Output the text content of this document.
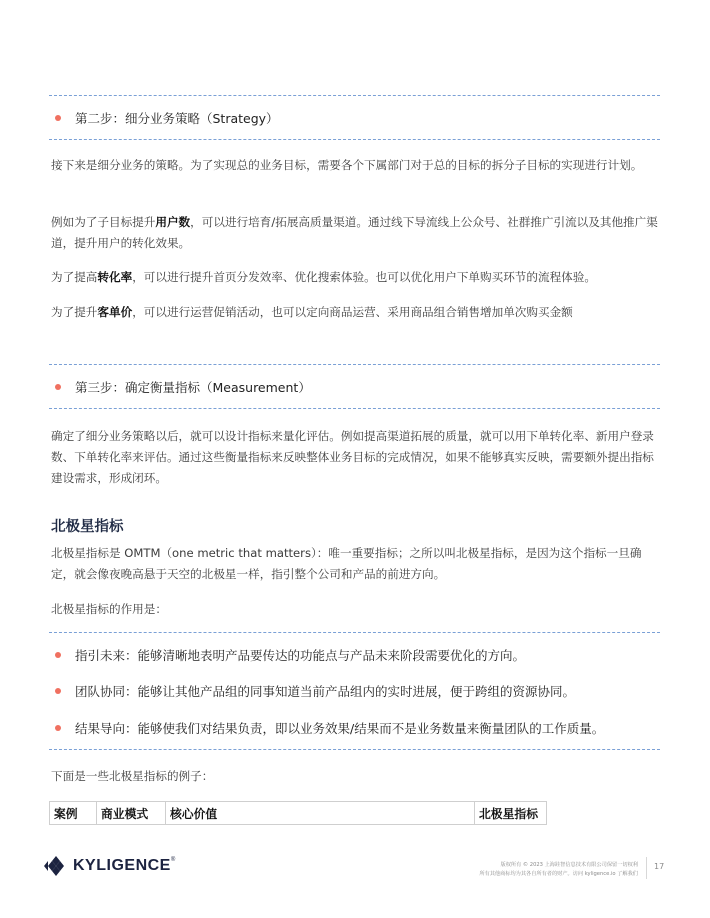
第二步：细分业务策略（Strategy）
接下来是细分业务的策略。为了实现总的业务目标，需要各个下属部门对于总的目标的拆分子目标的实现进行计划。
例如为了子目标提升用户数，可以进行培育/拓展高质量渠道。通过线下导流线上公众号、社群推广引流以及其他推广渠道，提升用户的转化效果。
为了提高转化率，可以进行提升首页分发效率、优化搜索体验。也可以优化用户下单购买环节的流程体验。
为了提升客单价，可以进行运营促销活动，也可以定向商品运营、采用商品组合销售增加单次购买金额
第三步：确定衡量指标（Measurement）
确定了细分业务策略以后，就可以设计指标来量化评估。例如提高渠道拓展的质量，就可以用下单转化率、新用户登录数、下单转化率来评估。通过这些衡量指标来反映整体业务目标的完成情况，如果不能够真实反映，需要额外提出指标建设需求，形成闭环。
北极星指标
北极星指标是 OMTM（one metric that matters）：唯一重要指标；之所以叫北极星指标，是因为这个指标一旦确定，就会像夜晚高悬于天空的北极星一样，指引整个公司和产品的前进方向。
北极星指标的作用是：
指引未来：能够清晰地表明产品要传达的功能点与产品未来阶段需要优化的方向。
团队协同：能够让其他产品组的同事知道当前产品组内的实时进展，便于跨组的资源协同。
结果导向：能够使我们对结果负责，即以业务效果/结果而不是业务数量来衡量团队的工作质量。
下面是一些北极星指标的例子：
案例	商业模式	核心价值	北极星指标
KYLIGENCE®
版权所有 © 2023 上海跬智信息技术有限公司保留一切权利
所有其他商标均为其各自所有者的财产。访问 kyligence.io 了解我们
17
